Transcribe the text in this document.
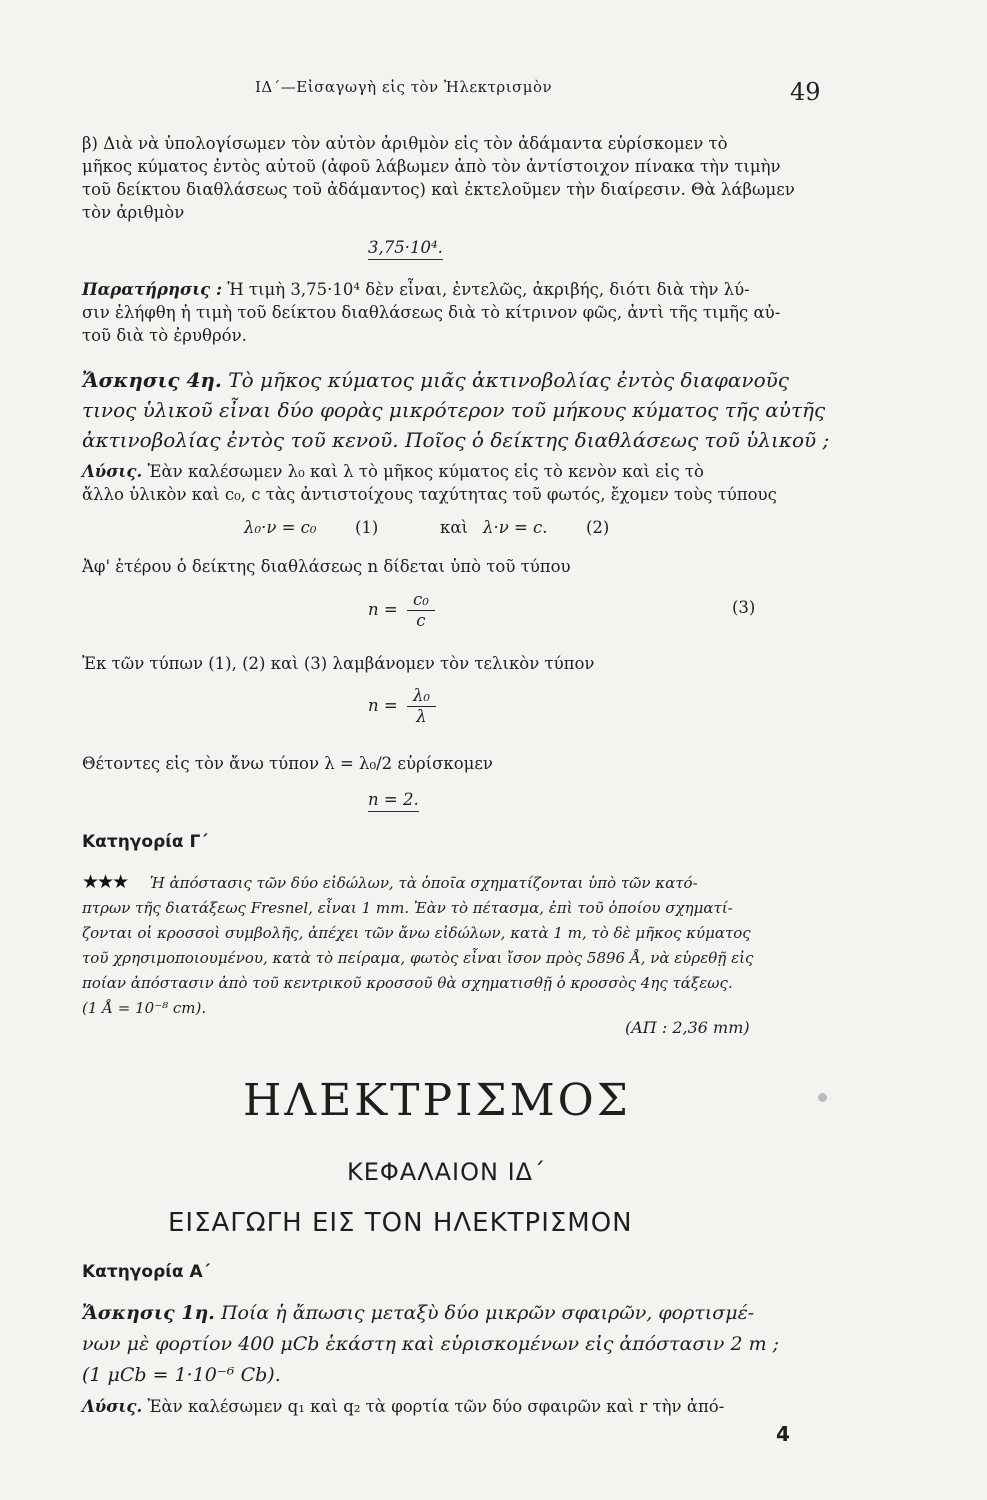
ΙΔ΄—Εἰσαγωγὴ εἰς τὸν Ἠλεκτρισμὸν	49
β) Διὰ νὰ ὑπολογίσωμεν τὸν αὐτὸν ἀριθμὸν εἰς τὸν ἀδάμαντα εὑρίσκομεν τὸ
μῆκος κύματος ἐντὸς αὐτοῦ (ἀφοῦ λάβωμεν ἀπὸ τὸν ἀντίστοιχον πίνακα τὴν τιμὴν
τοῦ δείκτου διαθλάσεως τοῦ ἀδάμαντος) καὶ ἐκτελοῦμεν τὴν διαίρεσιν. Θὰ λάβωμεν
τὸν ἀριθμὸν
3,75·10⁴.
Παρατήρησις : Ἡ τιμὴ 3,75·10⁴ δὲν εἶναι, ἐντελῶς, ἀκριβής, διότι διὰ τὴν λύ-
σιν ἐλήφθη ἡ τιμὴ τοῦ δείκτου διαθλάσεως διὰ τὸ κίτρινον φῶς, ἀντὶ τῆς τιμῆς αὐ-
τοῦ διὰ τὸ ἐρυθρόν.
Ἄσκησις 4η. Τὸ μῆκος κύματος μιᾶς ἀκτινοβολίας ἐντὸς διαφανοῦς
τινος ὑλικοῦ εἶναι δύο φορὰς μικρότερον τοῦ μήκους κύματος τῆς αὐτῆς
ἀκτινοβολίας ἐντὸς τοῦ κενοῦ. Ποῖος ὁ δείκτης διαθλάσεως τοῦ ὑλικοῦ ;
Λύσις. Ἐὰν καλέσωμεν λ₀ καὶ λ τὸ μῆκος κύματος εἰς τὸ κενὸν καὶ εἰς τὸ
ἄλλο ὑλικὸν καὶ c₀, c τὰς ἀντιστοίχους ταχύτητας τοῦ φωτός, ἔχομεν τοὺς τύπους
λ₀·ν = c₀ (1)	καὶ λ·ν = c. (2)
Ἀφ' ἑτέρου ὁ δείκτης διαθλάσεως n δίδεται ὑπὸ τοῦ τύπου
$n = \frac{\text{c₀}}{c}$	(3)
Ἐκ τῶν τύπων (1), (2) καὶ (3) λαμβάνομεν τὸν τελικὸν τύπον
$n = \frac{\text{λ₀}}{\lambda}$
Θέτοντες εἰς τὸν ἄνω τύπον λ = λ₀/2 εὑρίσκομεν
n = 2.
Κατηγορία Γ΄
★★★ Ἡ ἀπόστασις τῶν δύο εἰδώλων, τὰ ὁποῖα σχηματίζονται ὑπὸ τῶν κατό-
πτρων τῆς διατάξεως Fresnel, εἶναι 1 mm. Ἐὰν τὸ πέτασμα, ἐπὶ τοῦ ὁποίου σχηματί-
ζονται οἱ κροσσοὶ συμβολῆς, ἀπέχει τῶν ἄνω εἰδώλων, κατὰ 1 m, τὸ δὲ μῆκος κύματος
τοῦ χρησιμοποιουμένου, κατὰ τὸ πείραμα, φωτὸς εἶναι ἴσον πρὸς 5896 Å, νὰ εὑρεθῇ εἰς
ποίαν ἀπόστασιν ἀπὸ τοῦ κεντρικοῦ κροσσοῦ θὰ σχηματισθῇ ὁ κροσσὸς 4ης τάξεως.
(1 Å = 10⁻⁸ cm).
(ΑΠ : 2,36 mm)
ΗΛΕΚΤΡΙΣΜΟΣ
ΚΕΦΑΛΑΙΟΝ ΙΔ΄
ΕΙΣΑΓΩΓΗ ΕΙΣ ΤΟΝ ΗΛΕΚΤΡΙΣΜΟΝ
Κατηγορία Α΄
Ἄσκησις 1η. Ποία ἡ ἄπωσις μεταξὺ δύο μικρῶν σφαιρῶν, φορτισμέ-
νων μὲ φορτίον 400 μCb ἑκάστη καὶ εὑρισκομένων εἰς ἀπόστασιν 2 m ;
(1 μCb = 1·10⁻⁶ Cb).
Λύσις. Ἐὰν καλέσωμεν q₁ καὶ q₂ τὰ φορτία τῶν δύο σφαιρῶν καὶ r τὴν ἀπό-
4
